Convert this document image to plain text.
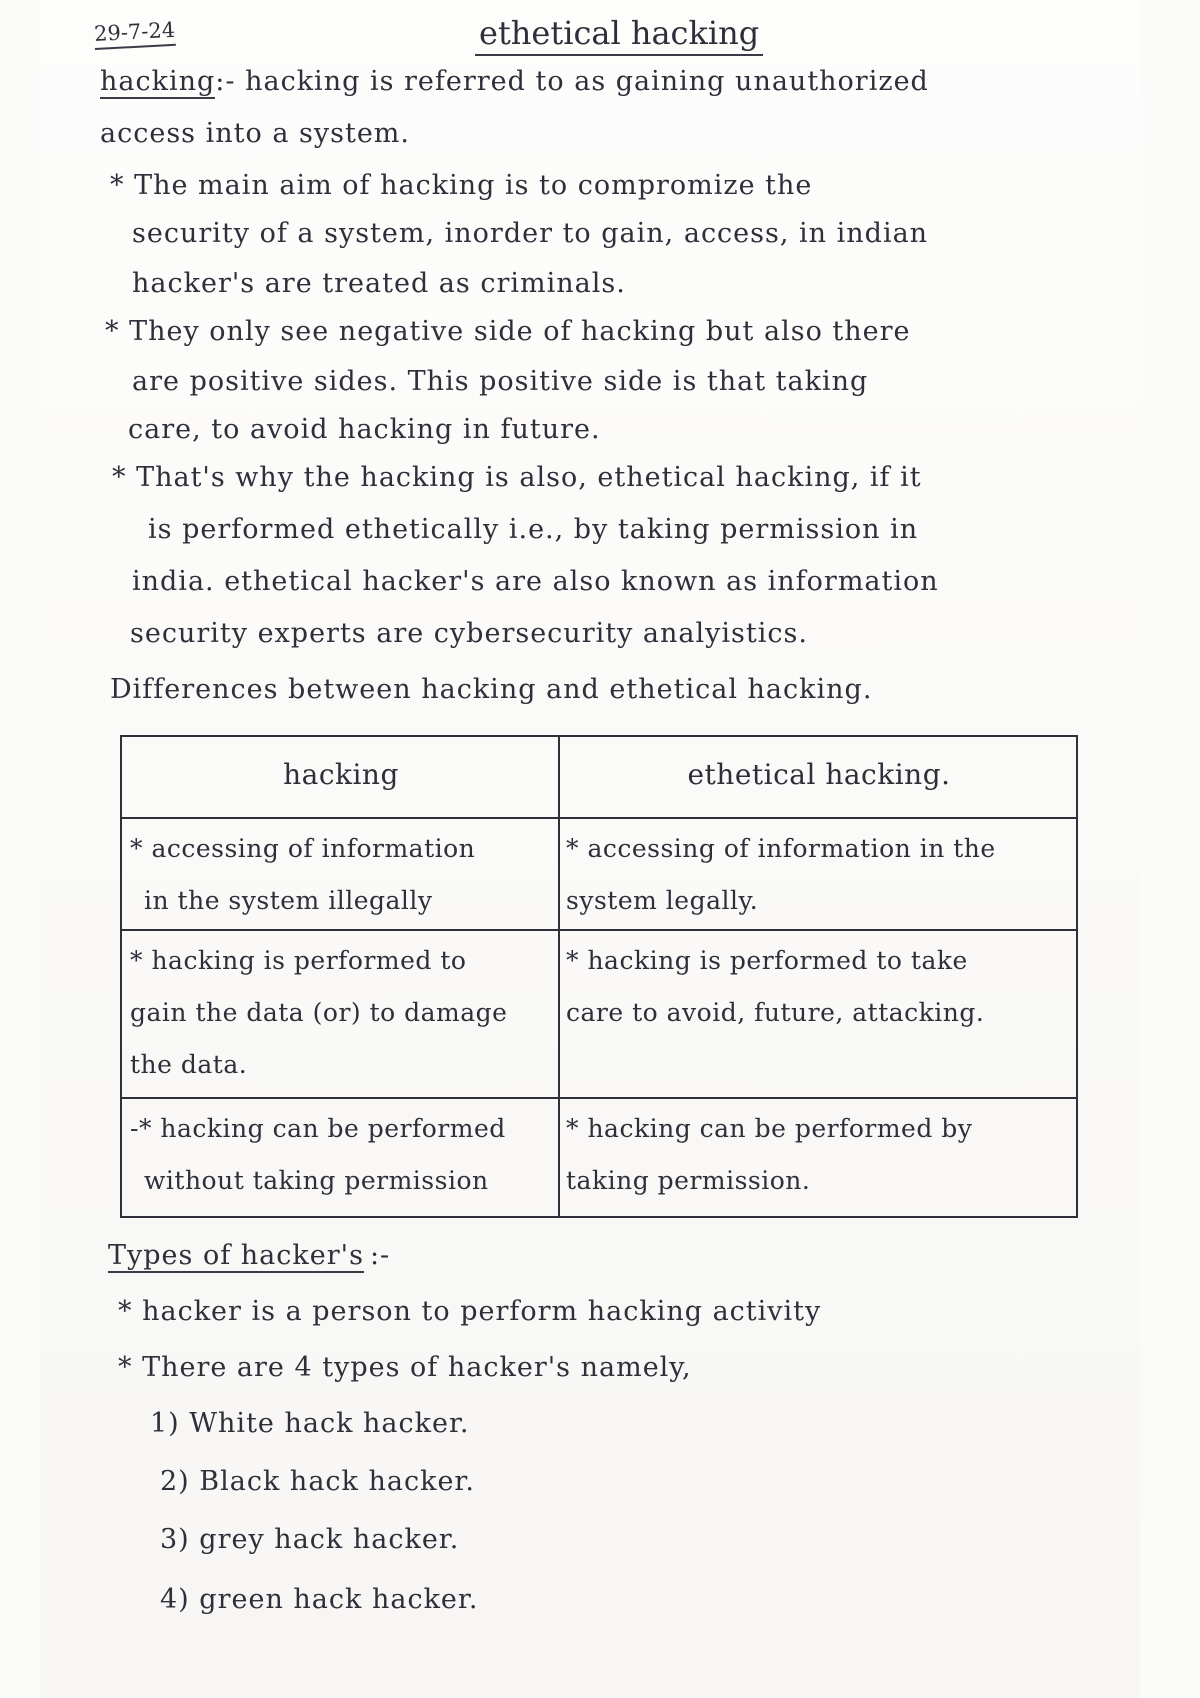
29-7-24	ethetical hacking
hacking:- hacking is referred to as gaining unauthorized
access into a system.
* The main aim of hacking is to compromize the
security of a system, inorder to gain, access, in indian
hacker's are treated as criminals.
* They only see negative side of hacking but also there
are positive sides. This positive side is that taking
care, to avoid hacking in future.
* That's why the hacking is also, ethetical hacking, if it
is performed ethetically i.e., by taking permission in
india. ethetical hacker's are also known as information
security experts are cybersecurity analyistics.
Differences between hacking and ethetical hacking.
hacking	ethetical hacking.
* accessing of information
in the system illegally
* accessing of information in the
system legally.
* hacking is performed to
gain the data (or) to damage
the data.
* hacking is performed to take
care to avoid, future, attacking.
-* hacking can be performed
without taking permission
* hacking can be performed by
taking permission.
Types of hacker's :-
* hacker is a person to perform hacking activity
* There are 4 types of hacker's namely,
1) White hack hacker.
2) Black hack hacker.
3) grey hack hacker.
4) green hack hacker.
